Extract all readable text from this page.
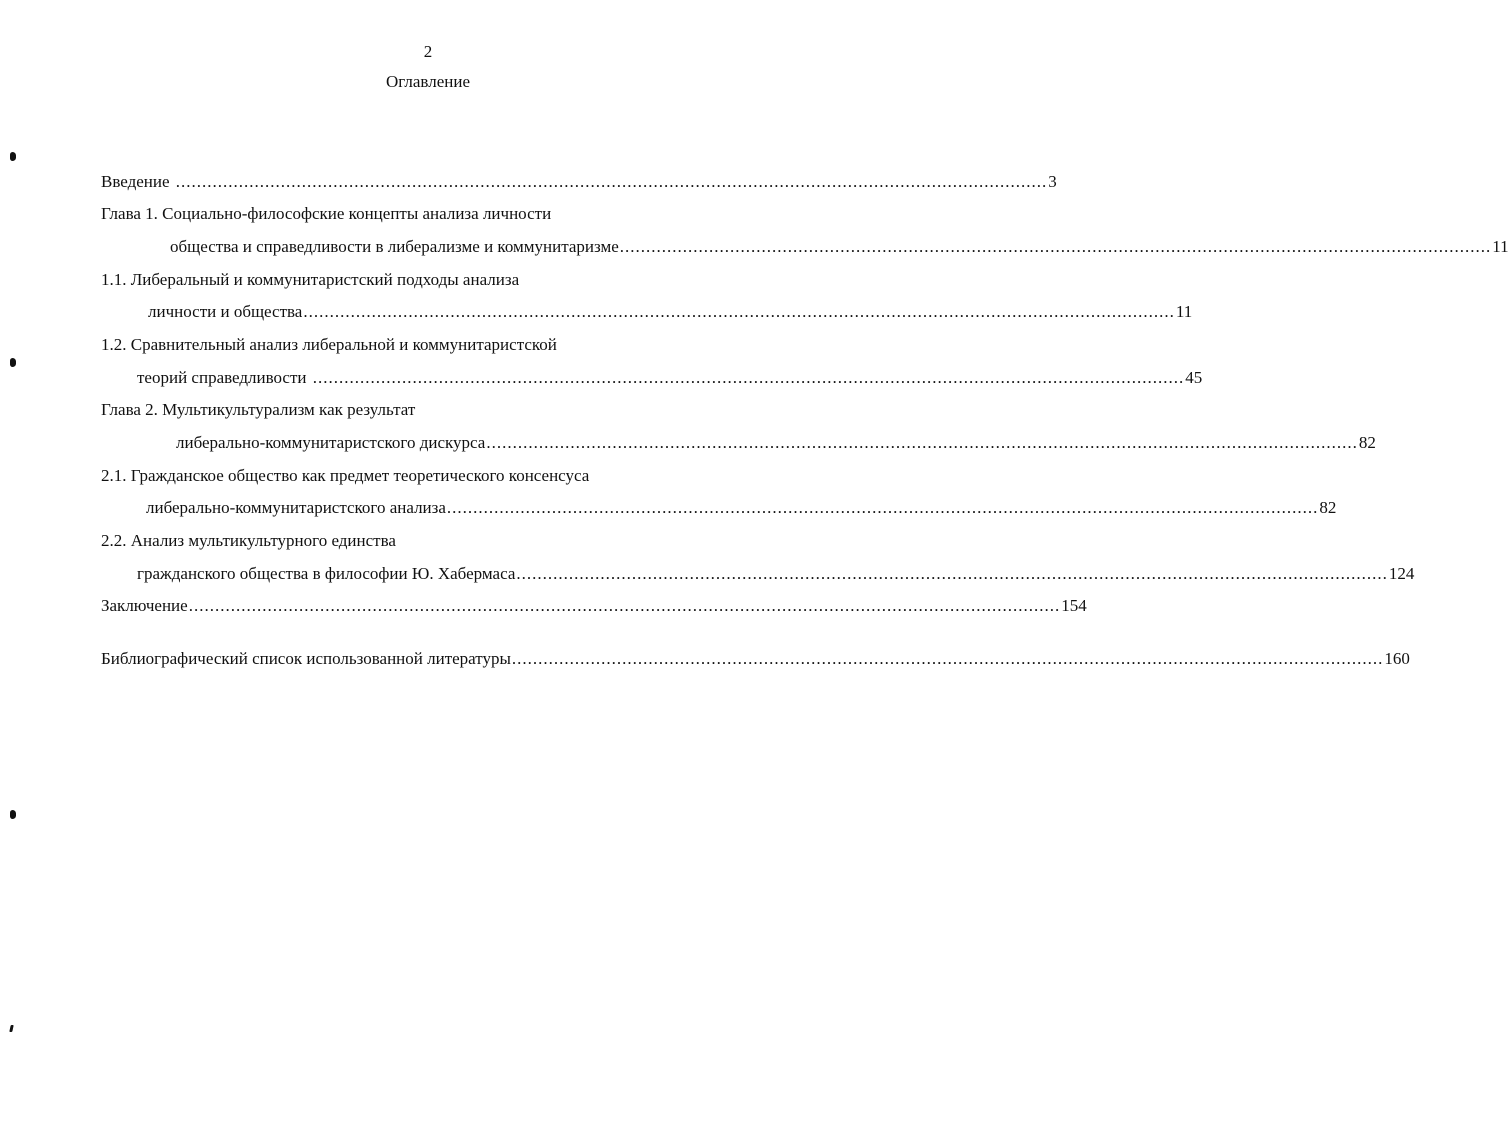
2
Оглавление
Введение ...................................................................................................................................................................... 3
Глава 1. Социально-философские концепты анализа личности
общества и справедливости в либерализме и коммунитаризме ...................................................................................................................................................................... 11
1.1. Либеральный и коммунитаристский подходы анализа
личности и общества ...................................................................................................................................................................... 11
1.2. Сравнительный анализ либеральной и коммунитаристской
теорий справедливости ...................................................................................................................................................................... 45
Глава 2. Мультикультурализм как результат
либерально-коммунитаристского дискурса ...................................................................................................................................................................... 82
2.1. Гражданское общество как предмет теоретического консенсуса
либерально-коммунитаристского анализа ...................................................................................................................................................................... 82
2.2. Анализ мультикультурного единства
гражданского общества в философии Ю. Хабермаса ...................................................................................................................................................................... 124
Заключение ...................................................................................................................................................................... 154
Библиографический список использованной литературы ...................................................................................................................................................................... 160
